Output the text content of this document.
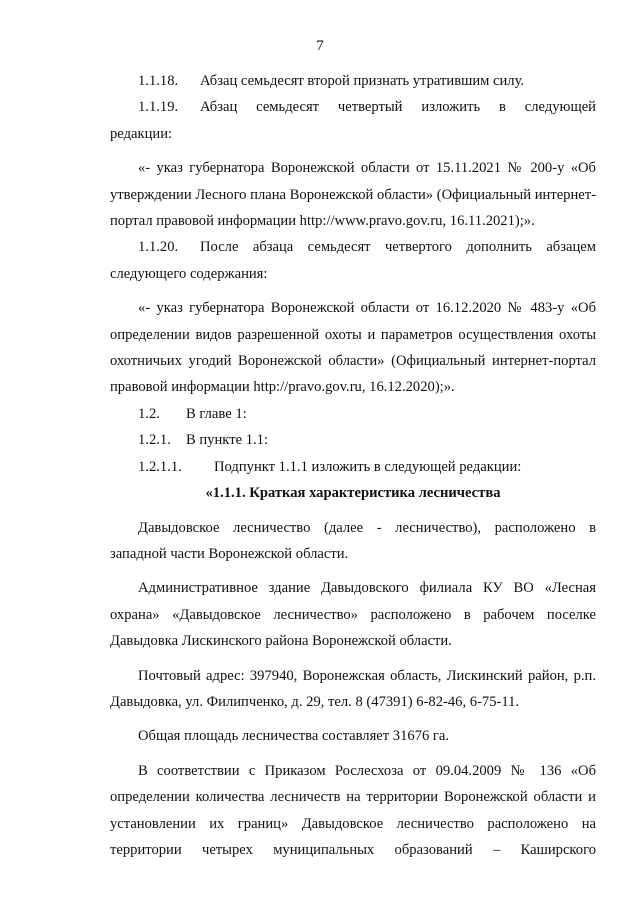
7
1.1.18.	Абзац семьдесят второй признать утратившим силу.
1.1.19.	Абзац семьдесят четвертый изложить в следующей

редакции:

«- указ губернатора Воронежской области от 15.11.2021 № 200-у «Об утверждении Лесного плана Воронежской области» (Официальный интернет-портал правовой информации http://www.pravo.gov.ru, 16.11.2021);».

1.1.20.	После абзаца семьдесят четвертого дополнить абзацем

следующего содержания:

«- указ губернатора Воронежской области от 16.12.2020 № 483-у «Об определении видов разрешенной охоты и параметров осуществления охоты охотничьих угодий Воронежской области» (Официальный интернет-портал правовой информации http://pravo.gov.ru, 16.12.2020);».

1.2.	В главе 1:
1.2.1.	В пункте 1.1:
1.2.1.1.	Подпункт 1.1.1 изложить в следующей редакции:

«1.1.1. Краткая характеристика лесничества

Давыдовское лесничество (далее - лесничество), расположено в западной части Воронежской области.

Административное здание Давыдовского филиала КУ ВО «Лесная охрана» «Давыдовское лесничество» расположено в рабочем поселке Давыдовка Лискинского района Воронежской области.

Почтовый адрес: 397940, Воронежская область, Лискинский район, р.п. Давыдовка, ул. Филипченко, д. 29, тел. 8 (47391) 6-82-46, 6-75-11.

Общая площадь лесничества составляет 31676 га.

В соответствии с Приказом Рослесхоза от 09.04.2009 № 136 «Об определении количества лесничеств на территории Воронежской области и установлении их границ» Давыдовское лесничество расположено на территории четырех муниципальных образований – Каширского
